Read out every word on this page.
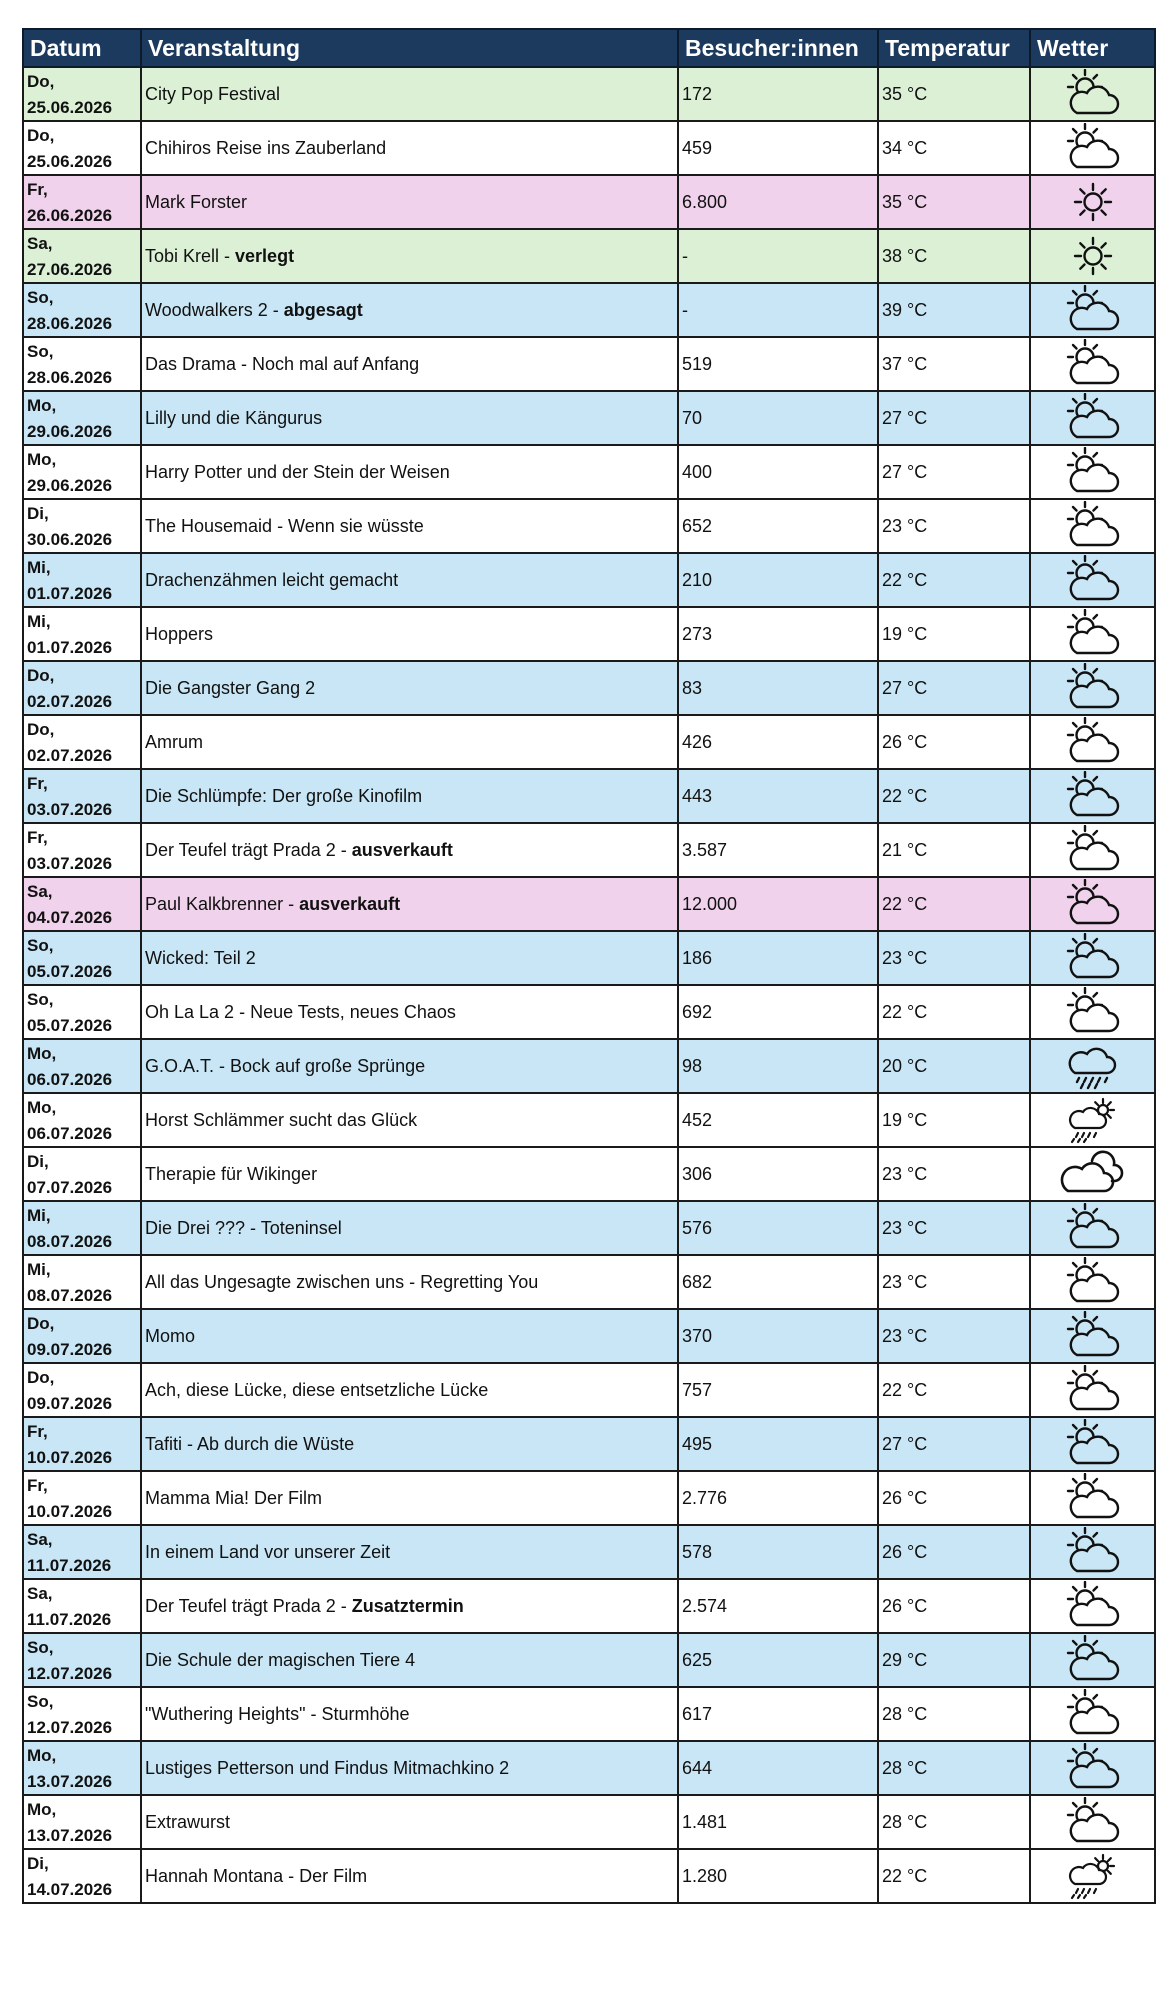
Datum	Veranstaltung	Besucher:innen	Temperatur	Wetter

Do,
25.06.2026	City Pop Festival	172	35 °C	

Do,
25.06.2026	Chihiros Reise ins Zauberland	459	34 °C	

Fr,
26.06.2026	Mark Forster	6.800	35 °C	

Sa,
27.06.2026	Tobi Krell - verlegt	-	38 °C	

So,
28.06.2026	Woodwalkers 2 - abgesagt	-	39 °C	

So,
28.06.2026	Das Drama - Noch mal auf Anfang	519	37 °C	

Mo,
29.06.2026	Lilly und die Kängurus	70	27 °C	

Mo,
29.06.2026	Harry Potter und der Stein der Weisen	400	27 °C	

Di,
30.06.2026	The Housemaid - Wenn sie wüsste	652	23 °C	

Mi,
01.07.2026	Drachenzähmen leicht gemacht	210	22 °C	

Mi,
01.07.2026	Hoppers	273	19 °C	

Do,
02.07.2026	Die Gangster Gang 2	83	27 °C	

Do,
02.07.2026	Amrum	426	26 °C	

Fr,
03.07.2026	Die Schlümpfe: Der große Kinofilm	443	22 °C	

Fr,
03.07.2026	Der Teufel trägt Prada 2 - ausverkauft	3.587	21 °C	

Sa,
04.07.2026	Paul Kalkbrenner - ausverkauft	12.000	22 °C	

So,
05.07.2026	Wicked: Teil 2	186	23 °C	

So,
05.07.2026	Oh La La 2 - Neue Tests, neues Chaos	692	22 °C	

Mo,
06.07.2026	G.O.A.T. - Bock auf große Sprünge	98	20 °C	

Mo,
06.07.2026	Horst Schlämmer sucht das Glück	452	19 °C	

Di,
07.07.2026	Therapie für Wikinger	306	23 °C	

Mi,
08.07.2026	Die Drei ??? - Toteninsel	576	23 °C	

Mi,
08.07.2026	All das Ungesagte zwischen uns - Regretting You	682	23 °C	

Do,
09.07.2026	Momo	370	23 °C	

Do,
09.07.2026	Ach, diese Lücke, diese entsetzliche Lücke	757	22 °C	

Fr,
10.07.2026	Tafiti - Ab durch die Wüste	495	27 °C	

Fr,
10.07.2026	Mamma Mia! Der Film	2.776	26 °C	

Sa,
11.07.2026	In einem Land vor unserer Zeit	578	26 °C	

Sa,
11.07.2026	Der Teufel trägt Prada 2 - Zusatztermin	2.574	26 °C	

So,
12.07.2026	Die Schule der magischen Tiere 4	625	29 °C	

So,
12.07.2026	"Wuthering Heights" - Sturmhöhe	617	28 °C	

Mo,
13.07.2026	Lustiges Petterson und Findus Mitmachkino 2	644	28 °C	

Mo,
13.07.2026	Extrawurst	1.481	28 °C	

Di,
14.07.2026	Hannah Montana - Der Film	1.280	22 °C	
